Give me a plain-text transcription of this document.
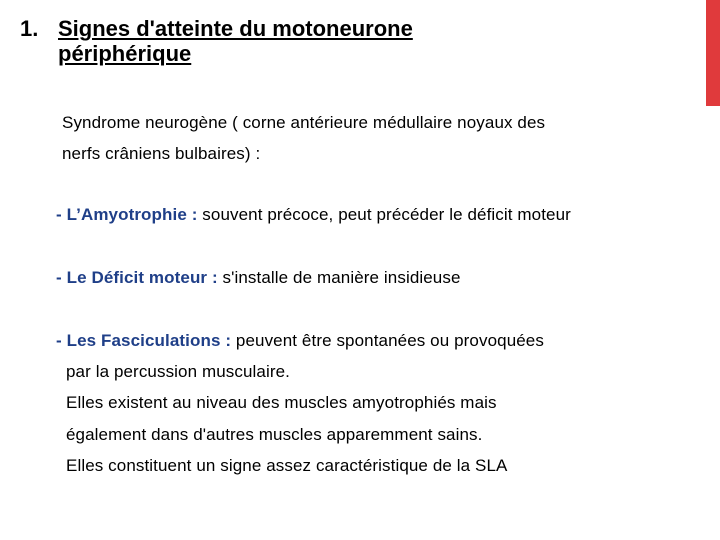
1. Signes d'atteinte du motoneurone périphérique
Syndrome neurogène ( corne antérieure médullaire noyaux des
nerfs crâniens bulbaires) :
- L’Amyotrophie : souvent précoce, peut précéder le déficit moteur
- Le Déficit moteur : s'installe de manière insidieuse
- Les Fasciculations : peuvent être spontanées ou provoquées
par la percussion musculaire.
Elles existent au niveau des muscles amyotrophiés mais
également dans d'autres muscles apparemment sains.
Elles constituent un signe assez caractéristique de la SLA
